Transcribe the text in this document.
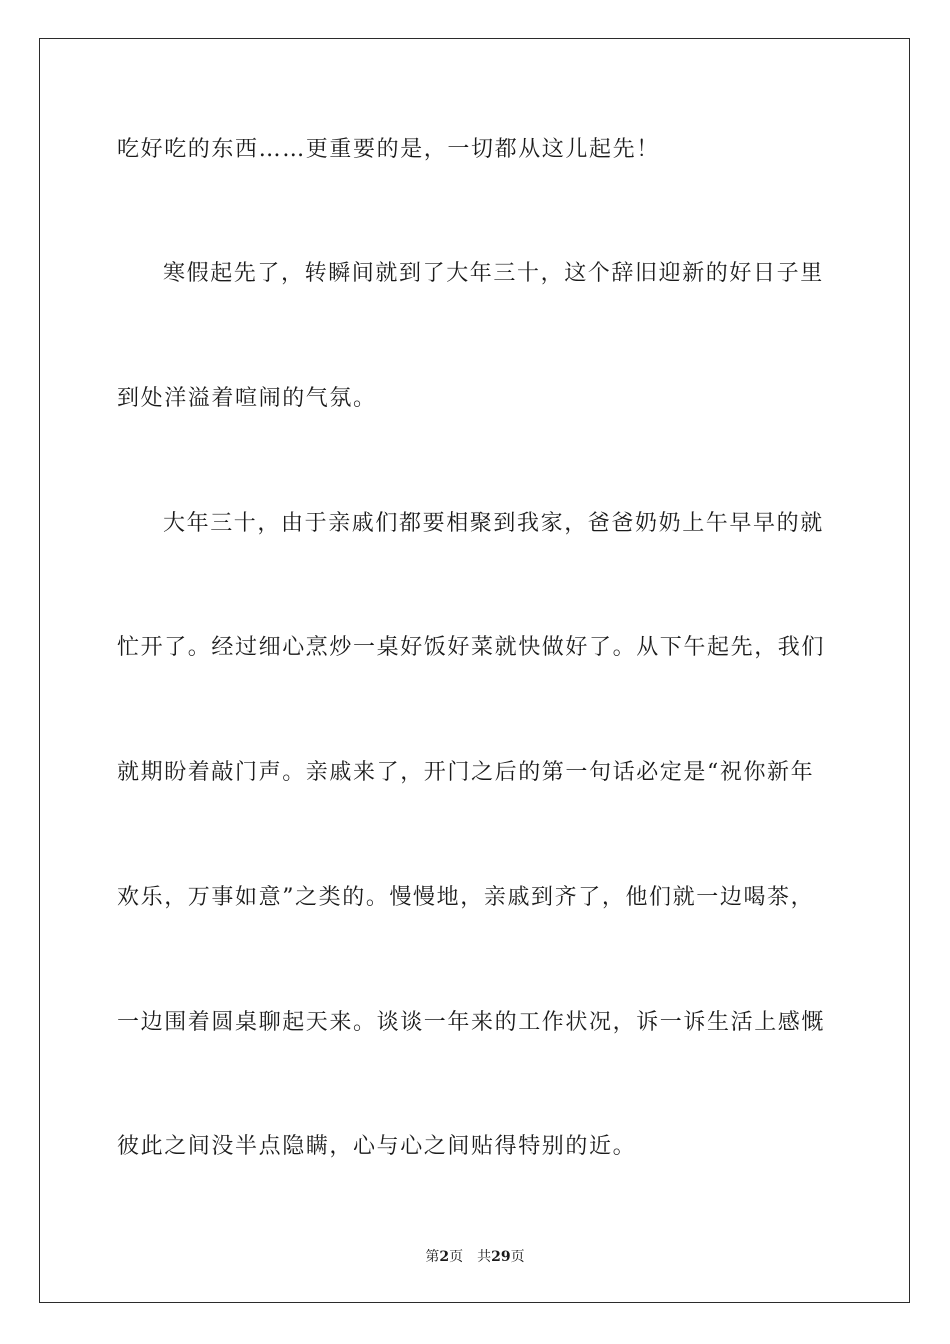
吃好吃的东西……更重要的是，一切都从这儿起先！
寒假起先了，转瞬间就到了大年三十，这个辞旧迎新的好日子里
到处洋溢着喧闹的气氛。
大年三十，由于亲戚们都要相聚到我家，爸爸奶奶上午早早的就
忙开了。经过细心烹炒一桌好饭好菜就快做好了。从下午起先，我们
就期盼着敲门声。亲戚来了，开门之后的第一句话必定是“祝你新年
欢乐，万事如意”之类的。慢慢地，亲戚到齐了，他们就一边喝茶，
一边围着圆桌聊起天来。谈谈一年来的工作状况，诉一诉生活上感慨
彼此之间没半点隐瞒，心与心之间贴得特别的近。
第2页 共29页
